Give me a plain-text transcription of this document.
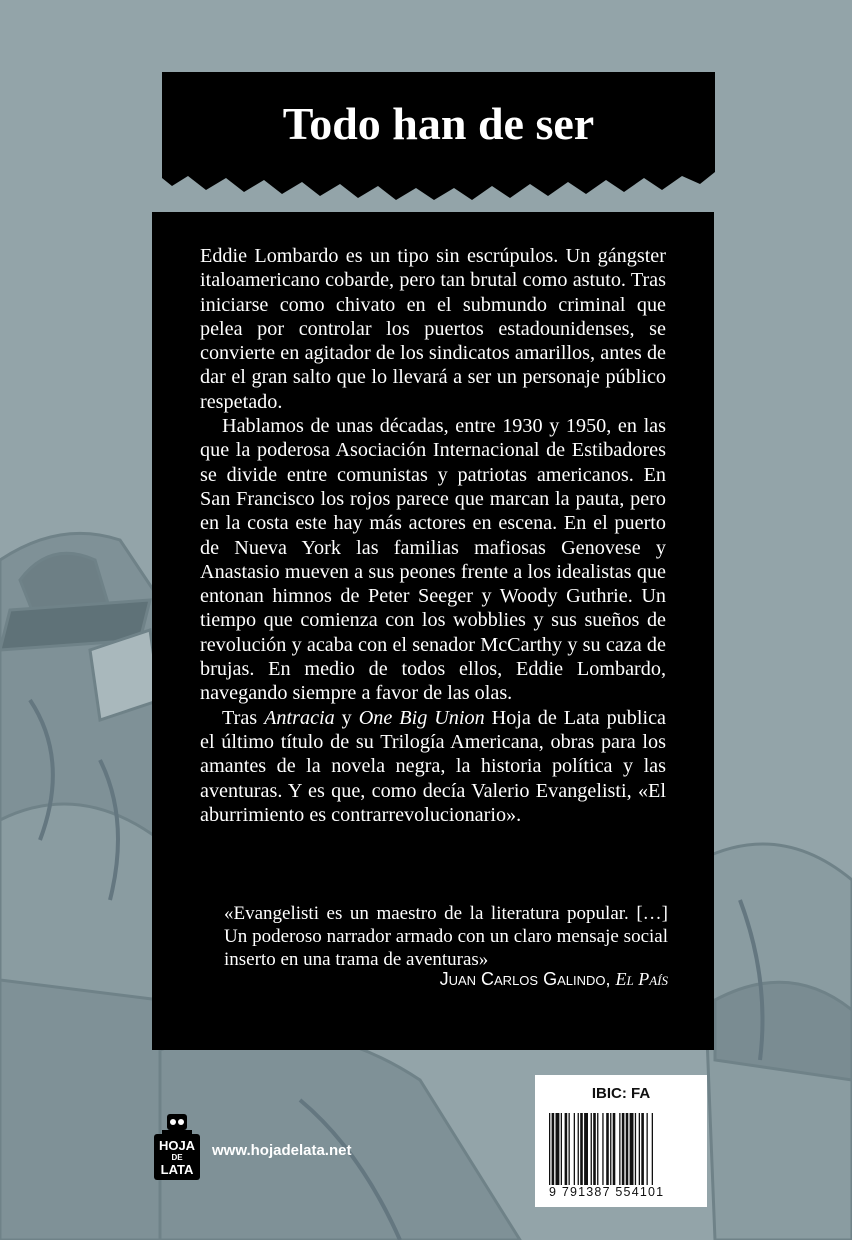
Todo han de ser

Eddie Lombardo es un tipo sin escrúpulos. Un gángster italoamericano cobarde, pero tan brutal como astuto. Tras iniciarse como chivato en el submundo criminal que pelea por controlar los puertos estadounidenses, se convierte en agitador de los sindicatos amarillos, antes de dar el gran salto que lo llevará a ser un personaje público respetado.

Hablamos de unas décadas, entre 1930 y 1950, en las que la poderosa Asociación Internacional de Estibadores se divide entre comunistas y patriotas americanos. En San Francisco los rojos parece que marcan la pauta, pero en la costa este hay más actores en escena. En el puerto de Nueva York las familias mafiosas Genovese y Anastasio mueven a sus peones frente a los idealistas que entonan himnos de Peter Seeger y Woody Guthrie. Un tiempo que comienza con los wobblies y sus sueños de revolución y acaba con el senador McCarthy y su caza de brujas. En medio de todos ellos, Eddie Lombardo, navegando siempre a favor de las olas.

Tras Antracia y One Big Union Hoja de Lata publica el último título de su Trilogía Americana, obras para los amantes de la novela negra, la historia política y las aventuras. Y es que, como decía Valerio Evangelisti, «El aburrimiento es contrarrevolucionario».

«Evangelisti es un maestro de la literatura popular. […] Un poderoso narrador armado con un claro mensaje social inserto en una trama de aventuras»
Juan Carlos Galindo, El País
HOJA
DE
LATA
www.hojadelata.net
IBIC: FA
9 791387 554101
